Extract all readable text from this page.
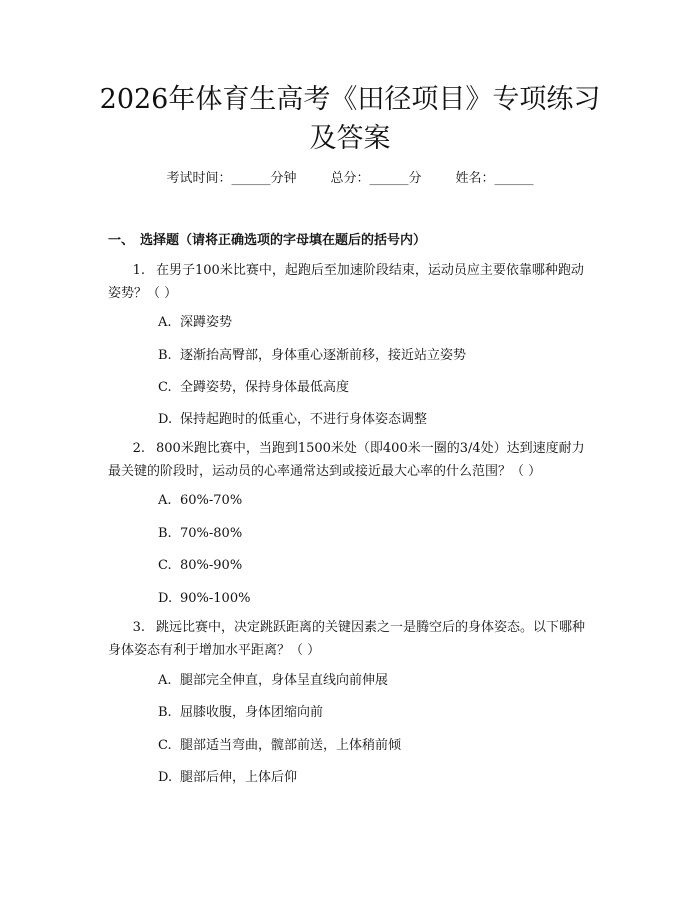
2026年体育生高考《田径项目》专项练习及答案
考试时间：______分钟	总分：______分	姓名：______
一、 选择题（请将正确选项的字母填在题后的括号内）
1. 在男子100米比赛中，起跑后至加速阶段结束，运动员应主要依靠哪种跑动姿势？（ ）
A. 深蹲姿势
B. 逐渐抬高臀部，身体重心逐渐前移，接近站立姿势
C. 全蹲姿势，保持身体最低高度
D. 保持起跑时的低重心，不进行身体姿态调整
2. 800米跑比赛中，当跑到1500米处（即400米一圈的3/4处）达到速度耐力最关键的阶段时，运动员的心率通常达到或接近最大心率的什么范围？（ ）
A. 60%-70%
B. 70%-80%
C. 80%-90%
D. 90%-100%
3. 跳远比赛中，决定跳跃距离的关键因素之一是腾空后的身体姿态。以下哪种身体姿态有利于增加水平距离？（ ）
A. 腿部完全伸直，身体呈直线向前伸展
B. 屈膝收腹，身体团缩向前
C. 腿部适当弯曲，髋部前送，上体稍前倾
D. 腿部后伸，上体后仰
